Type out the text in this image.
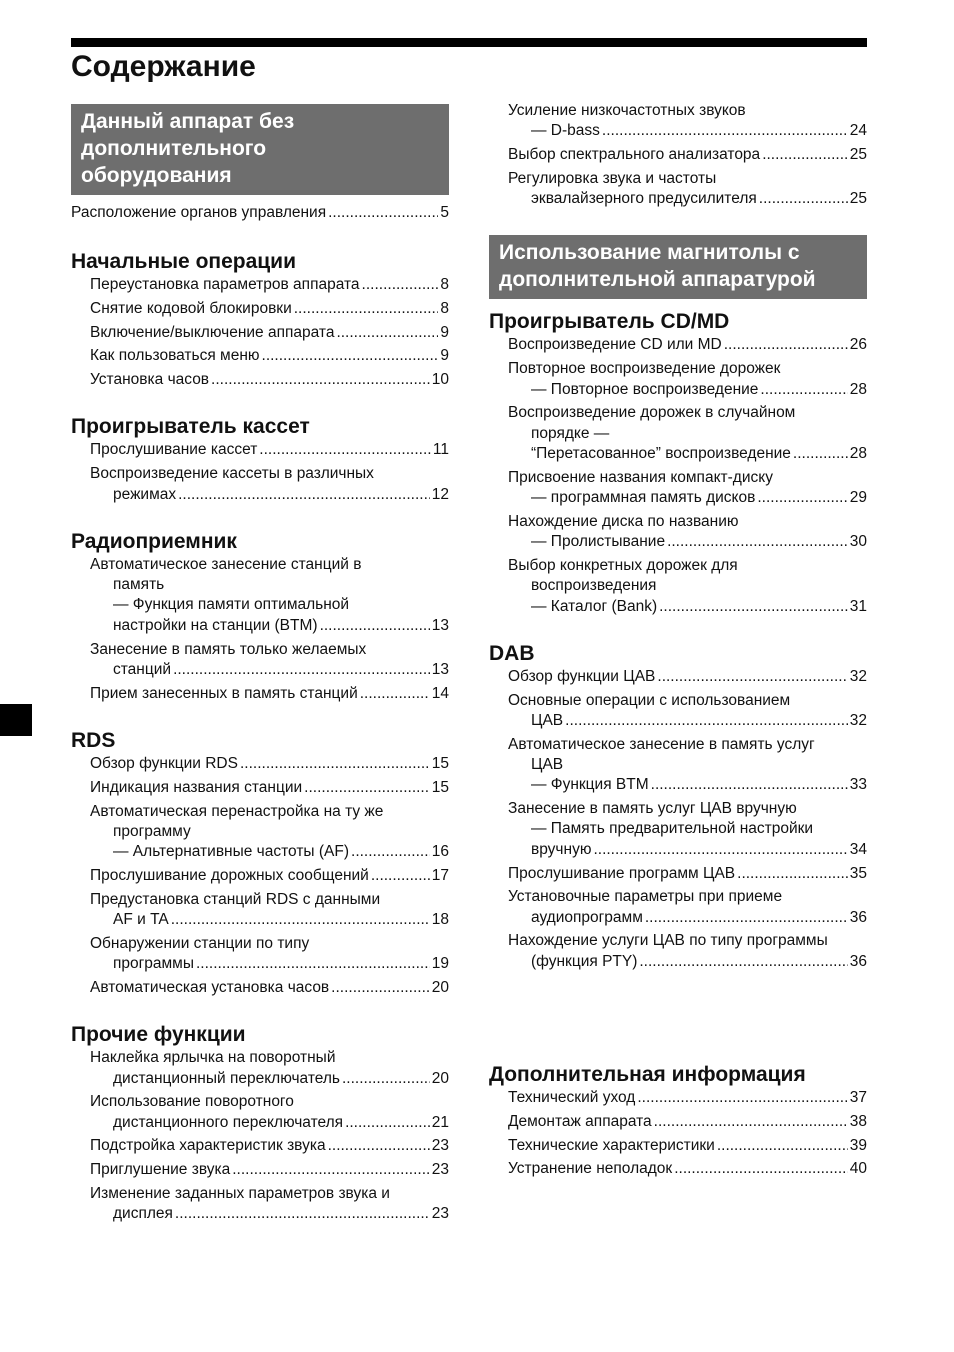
Содержание
Данный аппарат без
дополнительного
оборудования
Расположение органов управления .....	5
Начальные операции
Переустановка параметров аппарата .....	8
Снятие кодовой блокировки .....	8
Включение/выключение аппарата .....	9
Как пользоваться меню .....	9
Установка часов .....	10
Проигрыватель кассет
Прослушивание кассет .....	11
Воспроизведение кассеты в различных
режимах .....	12
Радиоприемник
Автоматическое занесение станций в
память
— Функция памяти оптимальной
настройки на станции (BTM) .....	13
Занесение в память только желаемых
станций .....	13
Прием занесенных в память станций .....	14
RDS
Обзор функции RDS .....	15
Индикация названия станции .....	15
Автоматическая перенастройка на ту же
программу
— Альтернативные частоты (AF) .....	16
Прослушивание дорожных сообщений .....	17
Предустановка станций RDS с данными
AF и TA .....	18
Обнаружении станции по типу
программы .....	19
Автоматическая установка часов .....	20
Прочие функции
Наклейка ярлычка на поворотный
дистанционный переключатель .....	20
Использование поворотного
дистанционного переключателя .....	21
Подстройка характеристик звука .....	23
Приглушение звука .....	23
Изменение заданных параметров звука и
дисплея .....	23
Усиление низкочастотных звуков
— D-bass .....	24
Выбор спектрального анализатора .....	25
Регулировка звука и частоты
эквалайзерного предусилителя .....	25
Использование магнитолы с
дополнительной аппаратурой
Проигрыватель CD/MD
Воспроизведение CD или MD .....	26
Повторное воспроизведение дорожек
— Повторное воспроизведение .....	28
Воспроизведение дорожек в случайном
порядке —
“Перетасованное” воспроизведение .....	28
Присвоение названия компакт-диску
— программная память дисков .....	29
Нахождение диска по названию
— Пролистывание .....	30
Выбор конкретных дорожек для
воспроизведения
— Каталог (Bank) .....	31
DAB
Обзор функции ЦАВ .....	32
Основные операции с использованием
ЦАВ .....	32
Автоматическое занесение в память услуг
ЦАВ
— Функция BTM .....	33
Занесение в память услуг ЦАВ вручную
— Память предварительной настройки
вручную .....	34
Прослушивание программ ЦАВ .....	35
Установочные параметры при приеме
аудиопрограмм .....	36
Нахождение услуги ЦАВ по типу программы
(функция PTY) .....	36
Дополнительная информация
Технический уход .....	37
Демонтаж аппарата .....	38
Технические характеристики .....	39
Устранение неполадок .....	40
